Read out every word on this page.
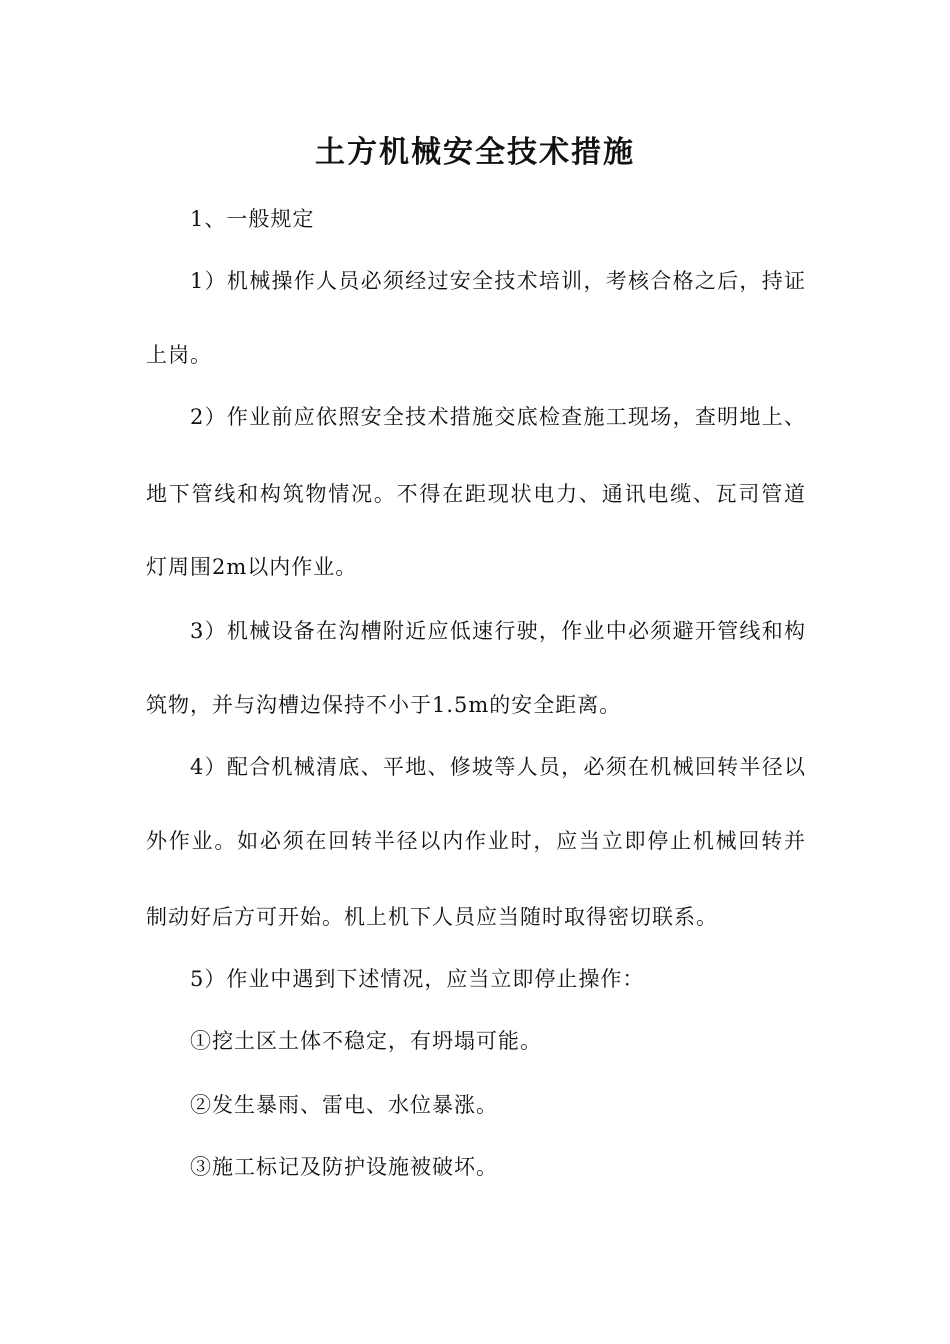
土方机械安全技术措施
1、一般规定
1）机械操作人员必须经过安全技术培训，考核合格之后，持证
上岗。
2）作业前应依照安全技术措施交底检查施工现场，查明地上、
地下管线和构筑物情况。不得在距现状电力、通讯电缆、瓦司管道
灯周围2m以内作业。
3）机械设备在沟槽附近应低速行驶，作业中必须避开管线和构
筑物，并与沟槽边保持不小于1.5m的安全距离。
4）配合机械清底、平地、修坡等人员，必须在机械回转半径以
外作业。如必须在回转半径以内作业时，应当立即停止机械回转并
制动好后方可开始。机上机下人员应当随时取得密切联系。
5）作业中遇到下述情况，应当立即停止操作：
①挖土区土体不稳定，有坍塌可能。
②发生暴雨、雷电、水位暴涨。
③施工标记及防护设施被破坏。
